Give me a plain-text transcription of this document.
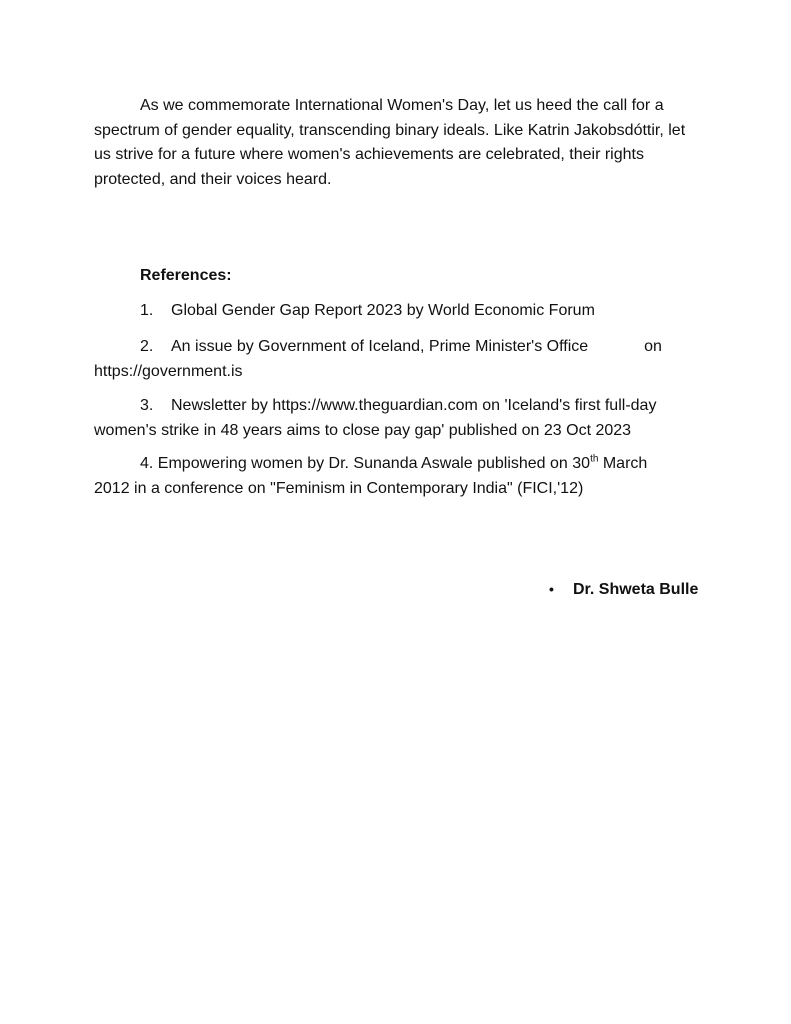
As we commemorate International Women's Day, let us heed the call for a spectrum of gender equality, transcending binary ideals. Like Katrin Jakobsdóttir, let us strive for a future where women's achievements are celebrated, their rights protected, and their voices heard.
References:
1. Global Gender Gap Report 2023 by World Economic Forum
2. An issue by Government of Iceland, Prime Minister's Office	on
https://government.is
3. Newsletter by https://www.theguardian.com on 'Iceland's first full-day
women's strike in 48 years aims to close pay gap' published on 23 Oct 2023
4. Empowering women by Dr. Sunanda Aswale published on 30th March
2012 in a conference on "Feminism in Contemporary India" (FICI,'12)
• Dr. Shweta Bulle
